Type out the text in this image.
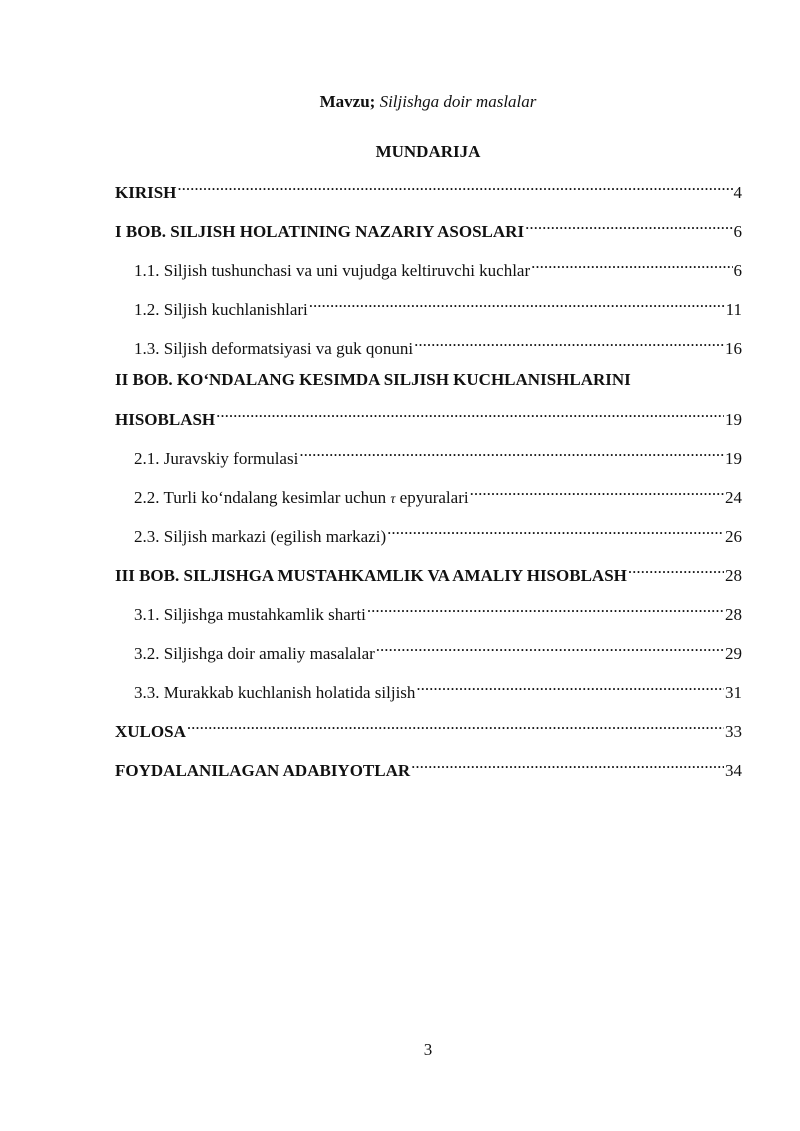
Mavzu; Siljishga doir maslalar
MUNDARIJA
KIRISH .....	4
I BOB. SILJISH HOLATINING NAZARIY ASOSLARI .....	6
1.1. Siljish tushunchasi va uni vujudga keltiruvchi kuchlar .....	6
1.2. Siljish kuchlanishlari .....	11
1.3. Siljish deformatsiyasi va guk qonuni .....	16
II BOB. KO‘NDALANG KESIMDA SILJISH KUCHLANISHLARINI
HISOBLASH .....	19
2.1. Juravskiy formulasi .....	19
2.2. Turli ko‘ndalang kesimlar uchun
τ
epyuralari .....	24
2.3. Siljish markazi (egilish markazi) .....	26
III BOB. SILJISHGA MUSTAHKAMLIK VA AMALIY HISOBLASH .....	28
3.1. Siljishga mustahkamlik sharti .....	28
3.2. Siljishga doir amaliy masalalar .....	29
3.3. Murakkab kuchlanish holatida siljish .....	31
XULOSA .....	33
FOYDALANILAGAN ADABIYOTLAR .....	34
3
